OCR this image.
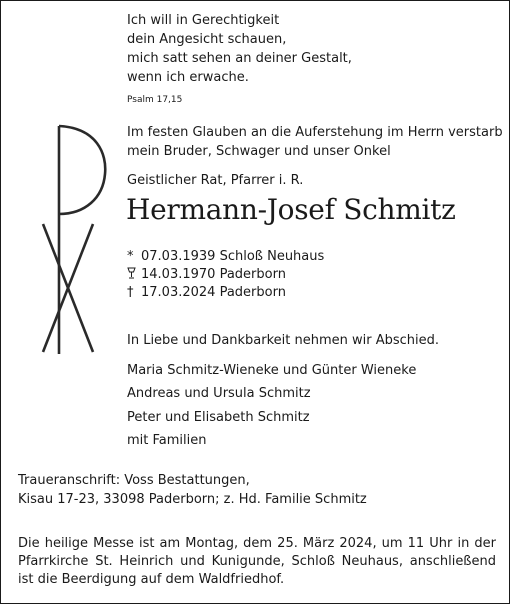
Ich will in Gerechtigkeit
dein Angesicht schauen,
mich satt sehen an deiner Gestalt,
wenn ich erwache.
Psalm 17,15
Im festen Glauben an die Auferstehung im Herrn verstarb
mein Bruder, Schwager und unser Onkel
Geistlicher Rat, Pfarrer i. R.
Hermann-Josef Schmitz
* 07.03.1939 Schloß Neuhaus
14.03.1970 Paderborn
† 17.03.2024 Paderborn
In Liebe und Dankbarkeit nehmen wir Abschied.
Maria Schmitz-Wieneke und Günter Wieneke
Andreas und Ursula Schmitz
Peter und Elisabeth Schmitz
mit Familien
Traueranschrift: Voss Bestattungen,
Kisau 17-23, 33098 Paderborn; z. Hd. Familie Schmitz
Die heilige Messe ist am Montag, dem 25. März 2024, um 11 Uhr in der Pfarrkirche St. Heinrich und Kunigunde, Schloß Neuhaus, anschließend ist die Beerdigung auf dem Waldfriedhof.
